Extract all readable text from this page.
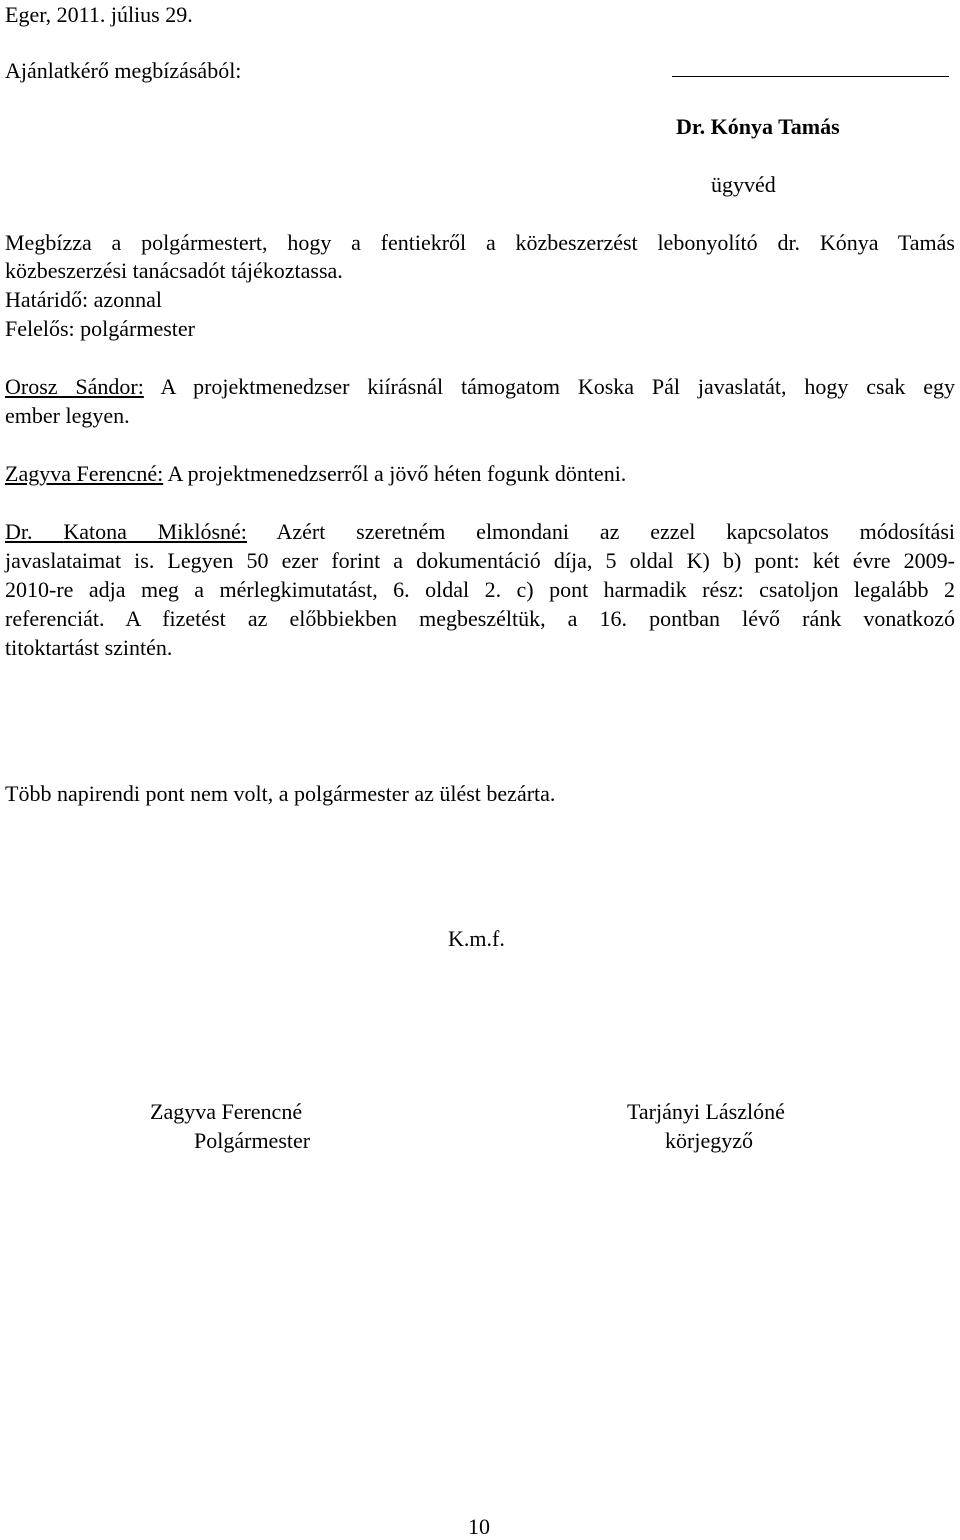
Eger, 2011. július 29.
Ajánlatkérő megbízásából:
Dr. Kónya Tamás
ügyvéd
Megbízza a polgármestert, hogy a fentiekről a közbeszerzést lebonyolító dr. Kónya Tamás
közbeszerzési tanácsadót tájékoztassa.
Határidő: azonnal
Felelős: polgármester
Orosz Sándor: A projektmenedzser kiírásnál támogatom Koska Pál javaslatát, hogy csak egy
ember legyen.
Zagyva Ferencné: A projektmenedzserről a jövő héten fogunk dönteni.
Dr. Katona Miklósné: Azért szeretném elmondani az ezzel kapcsolatos módosítási
javaslataimat is. Legyen 50 ezer forint a dokumentáció díja, 5 oldal K) b) pont: két évre 2009-
2010-re adja meg a mérlegkimutatást, 6. oldal 2. c) pont harmadik rész: csatoljon legalább 2
referenciát. A fizetést az előbbiekben megbeszéltük, a 16. pontban lévő ránk vonatkozó
titoktartást szintén.
Több napirendi pont nem volt, a polgármester az ülést bezárta.
K.m.f.
Zagyva Ferencné
Polgármester
Tarjányi Lászlóné
körjegyző
10
